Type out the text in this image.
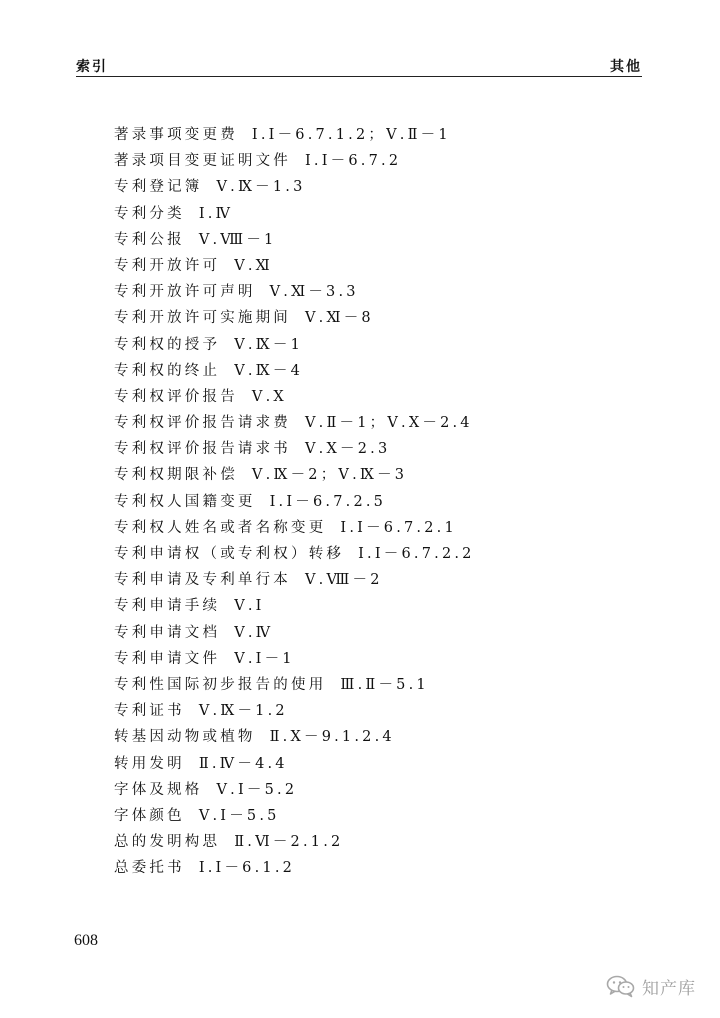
索引	其他
著录事项变更费 Ⅰ.Ⅰ－6.7.1.2；Ⅴ.Ⅱ－1
著录项目变更证明文件 Ⅰ.Ⅰ－6.7.2
专利登记簿 Ⅴ.Ⅸ－1.3
专利分类 Ⅰ.Ⅳ
专利公报 Ⅴ.Ⅷ－1
专利开放许可 Ⅴ.Ⅺ
专利开放许可声明 Ⅴ.Ⅺ－3.3
专利开放许可实施期间 Ⅴ.Ⅺ－8
专利权的授予 Ⅴ.Ⅸ－1
专利权的终止 Ⅴ.Ⅸ－4
专利权评价报告 Ⅴ.Ⅹ
专利权评价报告请求费 Ⅴ.Ⅱ－1；Ⅴ.Ⅹ－2.4
专利权评价报告请求书 Ⅴ.Ⅹ－2.3
专利权期限补偿 Ⅴ.Ⅸ－2；Ⅴ.Ⅸ－3
专利权人国籍变更 Ⅰ.Ⅰ－6.7.2.5
专利权人姓名或者名称变更 Ⅰ.Ⅰ－6.7.2.1
专利申请权（或专利权）转移 Ⅰ.Ⅰ－6.7.2.2
专利申请及专利单行本 Ⅴ.Ⅷ－2
专利申请手续 Ⅴ.Ⅰ
专利申请文档 Ⅴ.Ⅳ
专利申请文件 Ⅴ.Ⅰ－1
专利性国际初步报告的使用 Ⅲ.Ⅱ－5.1
专利证书 Ⅴ.Ⅸ－1.2
转基因动物或植物 Ⅱ.Ⅹ－9.1.2.4
转用发明 Ⅱ.Ⅳ－4.4
字体及规格 Ⅴ.Ⅰ－5.2
字体颜色 Ⅴ.Ⅰ－5.5
总的发明构思 Ⅱ.Ⅵ－2.1.2
总委托书 Ⅰ.Ⅰ－6.1.2
608
知产库
